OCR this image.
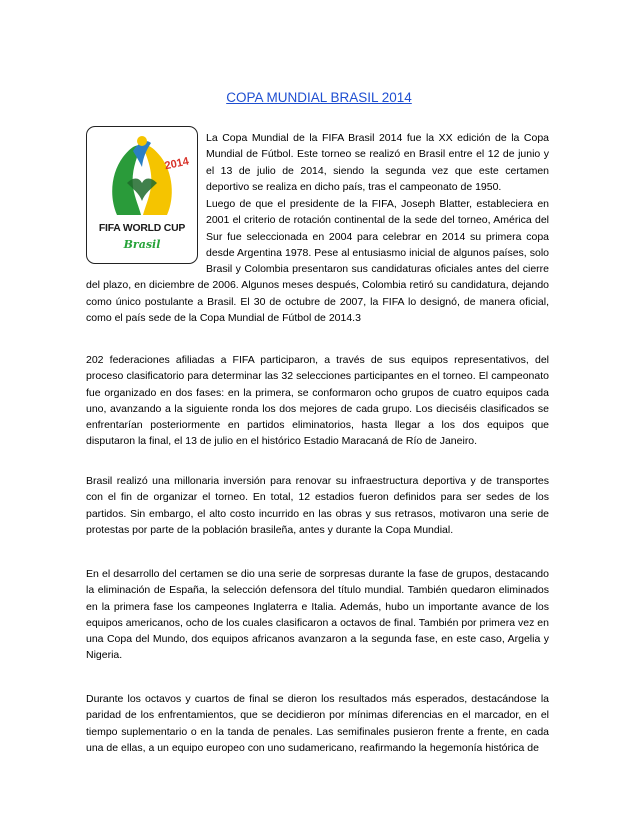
COPA MUNDIAL BRASIL 2014
2014
FIFA WORLD CUP
Brasil

La Copa Mundial de la FIFA Brasil 2014 fue la XX edición de la Copa Mundial de Fútbol. Este torneo se realizó en Brasil entre el 12 de junio y el 13 de julio de 2014, siendo la segunda vez que este certamen deportivo se realiza en dicho país, tras el campeonato de 1950.

Luego de que el presidente de la FIFA, Joseph Blatter, estableciera en 2001 el criterio de rotación continental de la sede del torneo, América del Sur fue seleccionada en 2004 para celebrar en 2014 su primera copa desde Argentina 1978. Pese al entusiasmo inicial de algunos países, solo Brasil y Colombia presentaron sus candidaturas oficiales antes del cierre del plazo, en diciembre de 2006. Algunos meses después, Colombia retiró su candidatura, dejando como único postulante a Brasil. El 30 de octubre de 2007, la FIFA lo designó, de manera oficial, como el país sede de la Copa Mundial de Fútbol de 2014.3

202 federaciones afiliadas a FIFA participaron, a través de sus equipos representativos, del proceso clasificatorio para determinar las 32 selecciones participantes en el torneo. El campeonato fue organizado en dos fases: en la primera, se conformaron ocho grupos de cuatro equipos cada uno, avanzando a la siguiente ronda los dos mejores de cada grupo. Los dieciséis clasificados se enfrentarían posteriormente en partidos eliminatorios, hasta llegar a los dos equipos que disputaron la final, el 13 de julio en el histórico Estadio Maracaná de Río de Janeiro.

Brasil realizó una millonaria inversión para renovar su infraestructura deportiva y de transportes con el fin de organizar el torneo. En total, 12 estadios fueron definidos para ser sedes de los partidos. Sin embargo, el alto costo incurrido en las obras y sus retrasos, motivaron una serie de protestas por parte de la población brasileña, antes y durante la Copa Mundial.

En el desarrollo del certamen se dio una serie de sorpresas durante la fase de grupos, destacando la eliminación de España, la selección defensora del título mundial. También quedaron eliminados en la primera fase los campeones Inglaterra e Italia. Además, hubo un importante avance de los equipos americanos, ocho de los cuales clasificaron a octavos de final. También por primera vez en una Copa del Mundo, dos equipos africanos avanzaron a la segunda fase, en este caso, Argelia y Nigeria.

Durante los octavos y cuartos de final se dieron los resultados más esperados, destacándose la paridad de los enfrentamientos, que se decidieron por mínimas diferencias en el marcador, en el tiempo suplementario o en la tanda de penales. Las semifinales pusieron frente a frente, en cada una de ellas, a un equipo europeo con uno sudamericano, reafirmando la hegemonía histórica de
